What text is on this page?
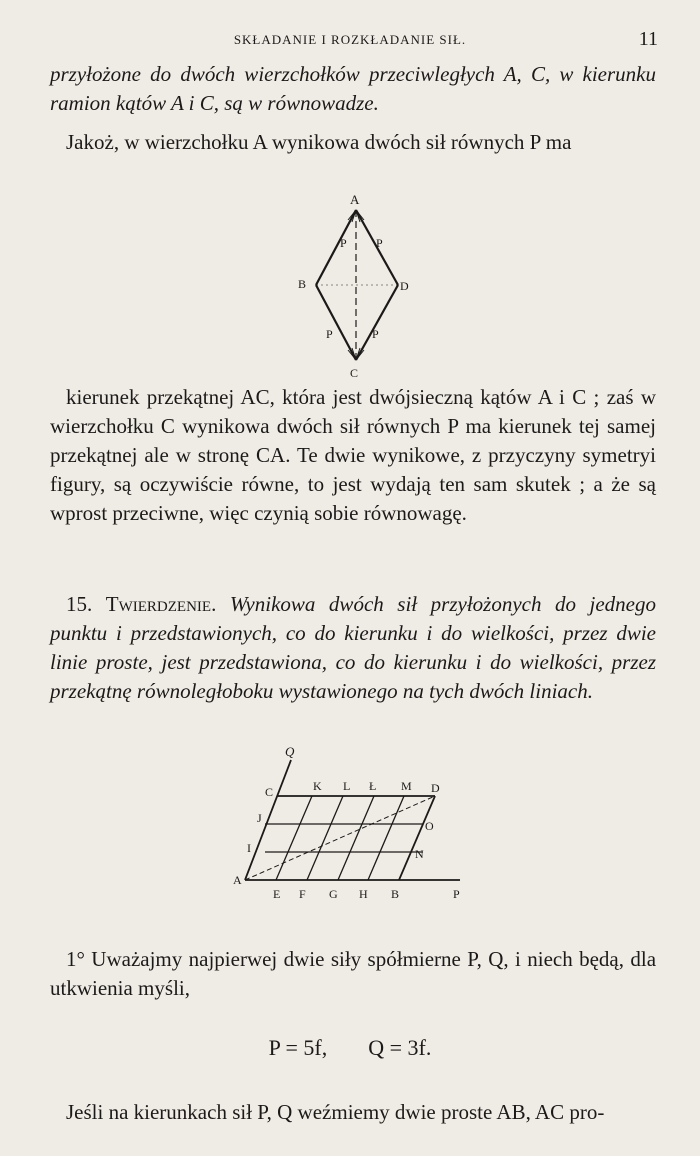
SKŁADANIE I ROZKŁADANIE SIŁ.	11
przyłożone do dwóch wierzchołków przeciwległych A, C, w kierunku ramion kątów A i C, są w równowadze.
Jakoż, w wierzchołku A wynikowa dwóch sił równych P ma
A
P P
B	D
P	P
C
kierunek przekątnej AC, która jest dwójsieczną kątów A i C ; zaś w wierzchołku C wynikowa dwóch sił równych P ma kierunek tej samej przekątnej ale w stronę CA. Te dwie wynikowe, z przyczyny symetryi figury, są oczywiście równe, to jest wydają ten sam skutek ; a że są wprost przeciwne, więc czynią sobie równowagę.
15. Twierdzenie. Wynikowa dwóch sił przyłożonych do jednego punktu i przedstawionych, co do kierunku i do wielkości, przez dwie linie proste, jest przedstawiona, co do kierunku i do wielkości, przez przekątnę równoległoboku wystawionego na tych dwóch liniach.
Q
C	K L Ł M D
J
O
I	N
A
E F G H B	P
1° Uważajmy najpierwej dwie siły spółmierne P, Q, i niech będą, dla utkwienia myśli,
P = 5f, Q = 3f.
Jeśli na kierunkach sił P, Q weźmiemy dwie proste AB, AC pro-
